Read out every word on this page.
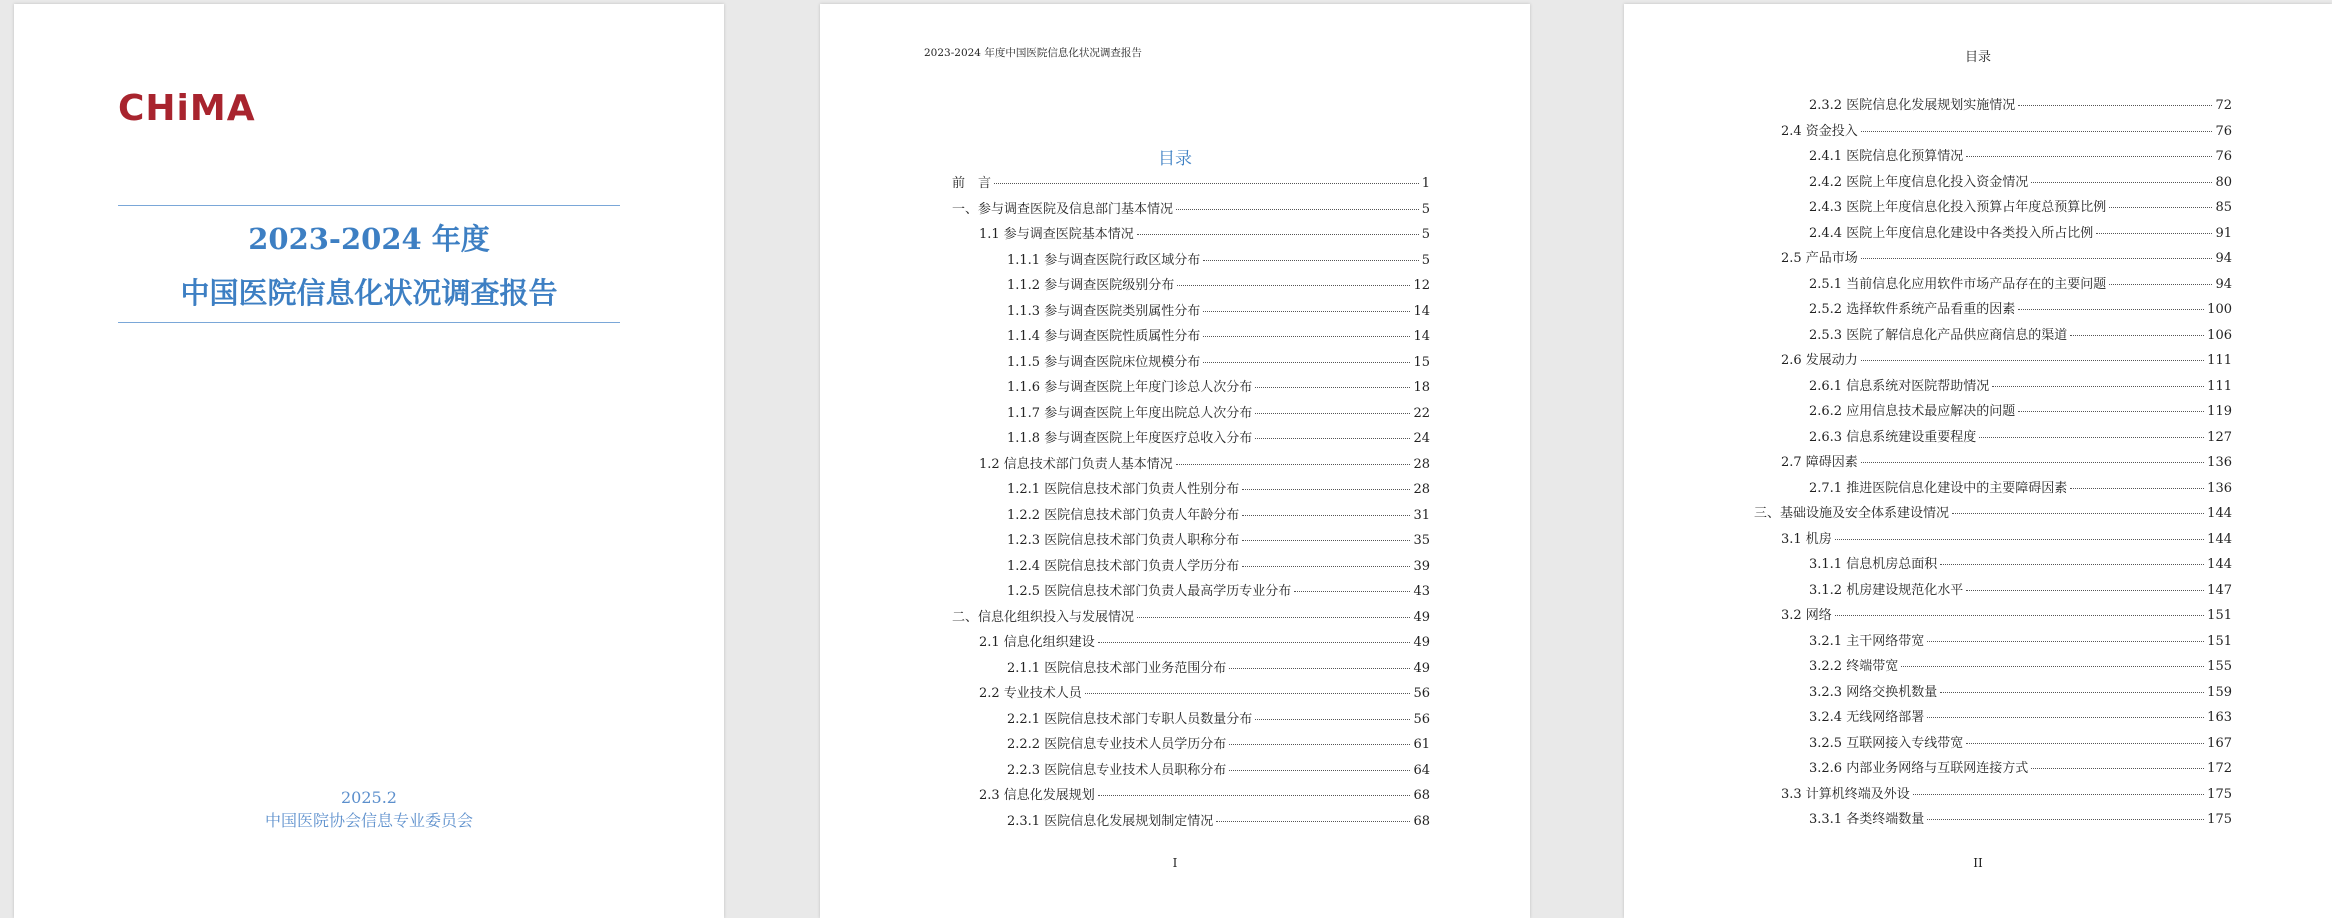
CHiMA
2023-2024 年度
中国医院信息化状况调查报告
2025.2
中国医院协会信息专业委员会
2023-2024 年度中国医院信息化状况调查报告
目录
前　言	1
一、参与调查医院及信息部门基本情况	5
1.1 参与调查医院基本情况	5
1.1.1 参与调查医院行政区域分布	5
1.1.2 参与调查医院级别分布	12
1.1.3 参与调查医院类别属性分布	14
1.1.4 参与调查医院性质属性分布	14
1.1.5 参与调查医院床位规模分布	15
1.1.6 参与调查医院上年度门诊总人次分布	18
1.1.7 参与调查医院上年度出院总人次分布	22
1.1.8 参与调查医院上年度医疗总收入分布	24
1.2 信息技术部门负责人基本情况	28
1.2.1 医院信息技术部门负责人性别分布	28
1.2.2 医院信息技术部门负责人年龄分布	31
1.2.3 医院信息技术部门负责人职称分布	35
1.2.4 医院信息技术部门负责人学历分布	39
1.2.5 医院信息技术部门负责人最高学历专业分布	43
二、信息化组织投入与发展情况	49
2.1 信息化组织建设	49
2.1.1 医院信息技术部门业务范围分布	49
2.2 专业技术人员	56
2.2.1 医院信息技术部门专职人员数量分布	56
2.2.2 医院信息专业技术人员学历分布	61
2.2.3 医院信息专业技术人员职称分布	64
2.3 信息化发展规划	68
2.3.1 医院信息化发展规划制定情况	68
I
目录
2.3.2 医院信息化发展规划实施情况	72
2.4 资金投入	76
2.4.1 医院信息化预算情况	76
2.4.2 医院上年度信息化投入资金情况	80
2.4.3 医院上年度信息化投入预算占年度总预算比例	85
2.4.4 医院上年度信息化建设中各类投入所占比例	91
2.5 产品市场	94
2.5.1 当前信息化应用软件市场产品存在的主要问题	94
2.5.2 选择软件系统产品看重的因素	100
2.5.3 医院了解信息化产品供应商信息的渠道	106
2.6 发展动力	111
2.6.1 信息系统对医院帮助情况	111
2.6.2 应用信息技术最应解决的问题	119
2.6.3 信息系统建设重要程度	127
2.7 障碍因素	136
2.7.1 推进医院信息化建设中的主要障碍因素	136
三、基础设施及安全体系建设情况	144
3.1 机房	144
3.1.1 信息机房总面积	144
3.1.2 机房建设规范化水平	147
3.2 网络	151
3.2.1 主干网络带宽	151
3.2.2 终端带宽	155
3.2.3 网络交换机数量	159
3.2.4 无线网络部署	163
3.2.5 互联网接入专线带宽	167
3.2.6 内部业务网络与互联网连接方式	172
3.3 计算机终端及外设	175
3.3.1 各类终端数量	175
II
